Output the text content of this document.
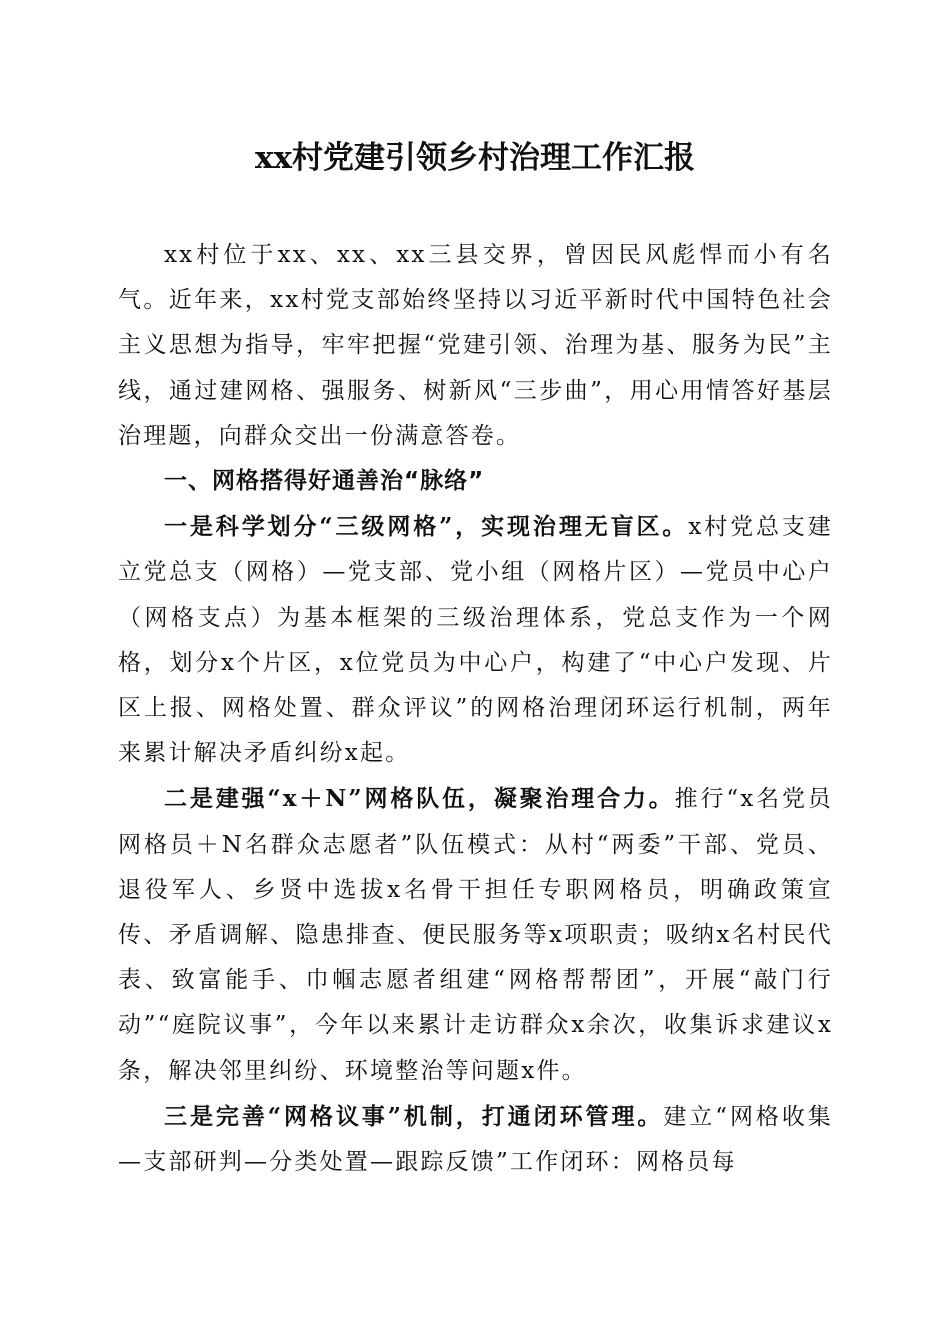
xx村党建引领乡村治理工作汇报

xx村位于xx、xx、xx三县交界，曾因民风彪悍而小有名气。近年来，xx村党支部始终坚持以习近平新时代中国特色社会主义思想为指导，牢牢把握“党建引领、治理为基、服务为民”主线，通过建网格、强服务、树新风“三步曲”，用心用情答好基层治理题，向群众交出一份满意答卷。

一、网格搭得好通善治“脉络”

一是科学划分“三级网格”，实现治理无盲区。x村党总支建立党总支（网格）—党支部、党小组（网格片区）—党员中心户（网格支点）为基本框架的三级治理体系，党总支作为一个网格，划分x个片区，x位党员为中心户，构建了“中心户发现、片区上报、网格处置、群众评议”的网格治理闭环运行机制，两年来累计解决矛盾纠纷x起。

二是建强“x＋N”网格队伍，凝聚治理合力。推行“x名党员网格员＋N名群众志愿者”队伍模式：从村“两委”干部、党员、退役军人、乡贤中选拔x名骨干担任专职网格员，明确政策宣传、矛盾调解、隐患排查、便民服务等x项职责；吸纳x名村民代表、致富能手、巾帼志愿者组建“网格帮帮团”，开展“敲门行动”“庭院议事”，今年以来累计走访群众x余次，收集诉求建议x条，解决邻里纠纷、环境整治等问题x件。

三是完善“网格议事”机制，打通闭环管理。建立“网格收集—支部研判—分类处置—跟踪反馈”工作闭环：网格员每
